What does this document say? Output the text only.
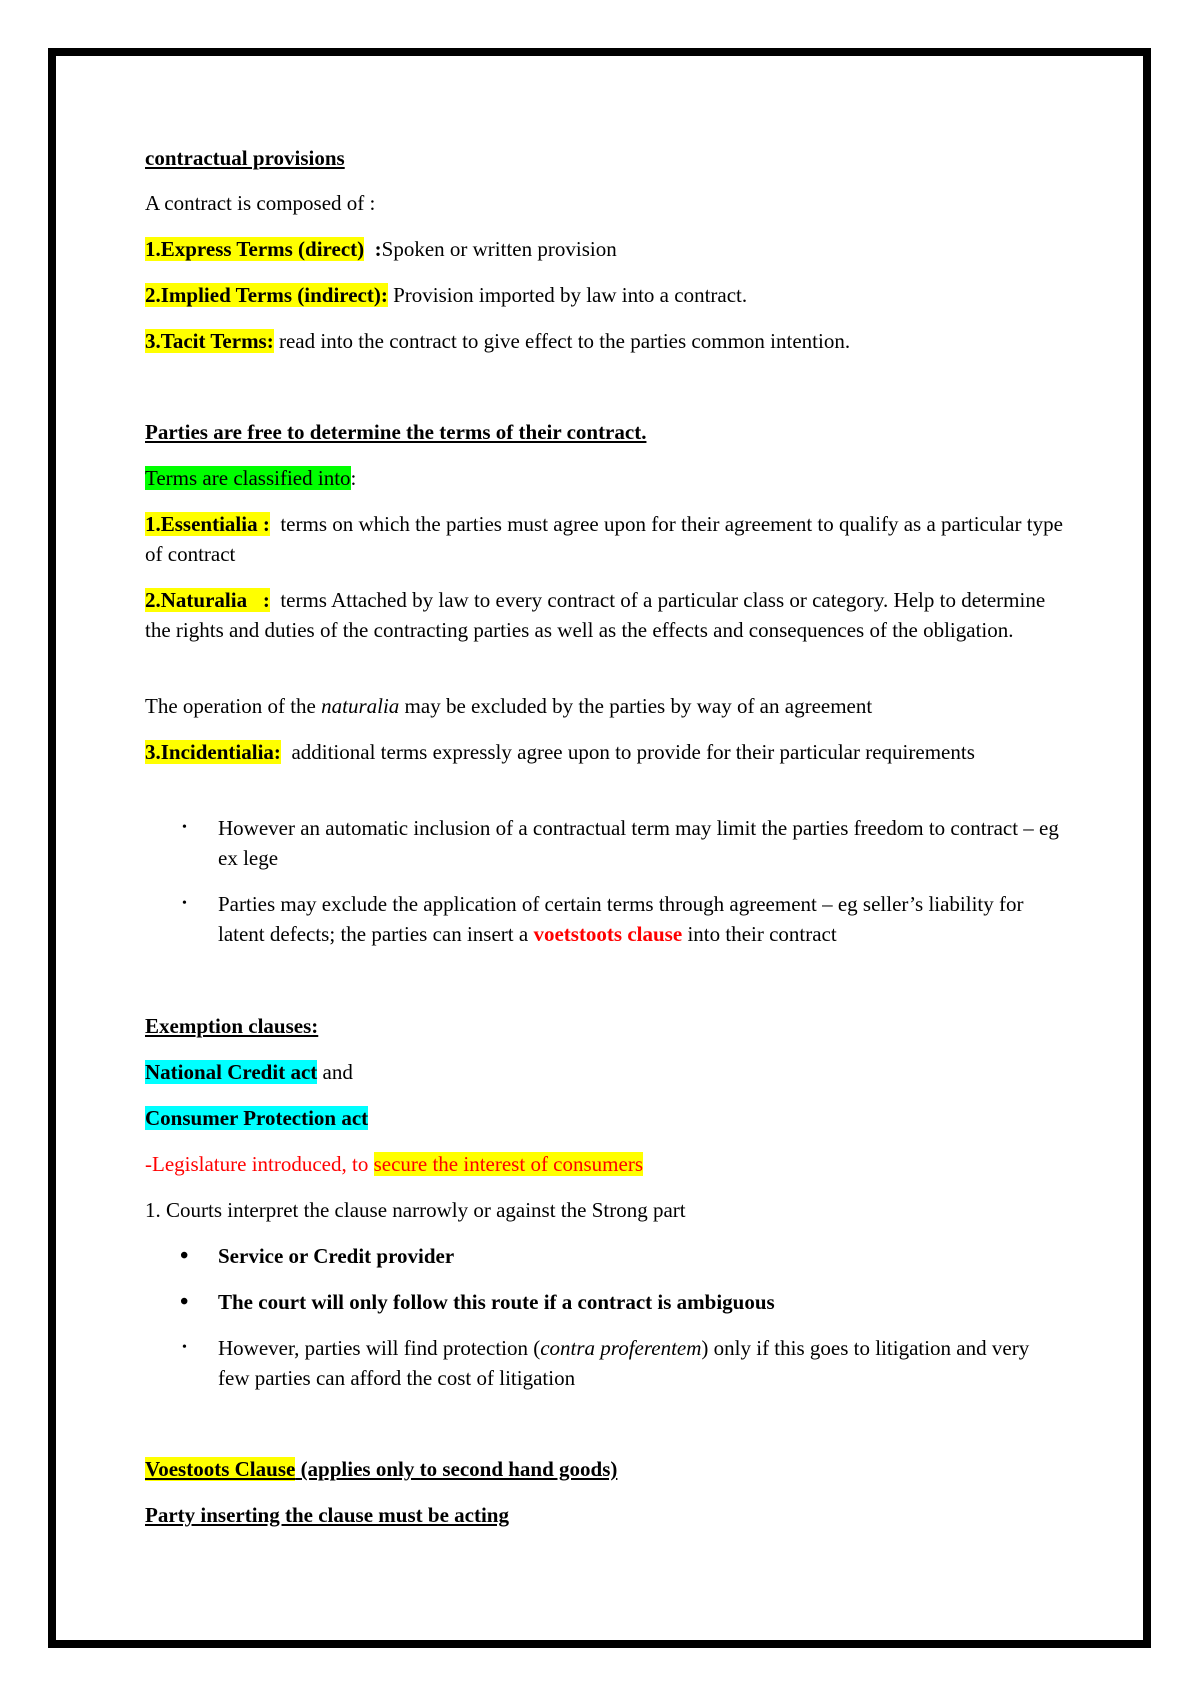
contractual provisions

A contract is composed of :

1.Express Terms (direct)  :Spoken or written provision

2.Implied Terms (indirect): Provision imported by law into a contract.

3.Tacit Terms: read into the contract to give effect to the parties common intention.

Parties are free to determine the terms of their contract.

Terms are classified into:

1.Essentialia :  terms on which the parties must agree upon for their agreement to qualify as a particular type of contract

2.Naturalia   :  terms Attached by law to every contract of a particular class or category. Help to determine the rights and duties of the contracting parties as well as the effects and consequences of the obligation.

The operation of the naturalia may be excluded by the parties by way of an agreement

3.Incidentialia:  additional terms expressly agree upon to provide for their particular requirements

• However an automatic inclusion of a contractual term may limit the parties freedom to contract – eg ex lege

• Parties may exclude the application of certain terms through agreement – eg seller’s liability for latent defects; the parties can insert a voetstoots clause into their contract

Exemption clauses:

National Credit act and

Consumer Protection act

-Legislature introduced, to secure the interest of consumers

1. Courts interpret the clause narrowly or against the Strong part

• Service or Credit provider

• The court will only follow this route if a contract is ambiguous

• However, parties will find protection (contra proferentem) only if this goes to litigation and very few parties can afford the cost of litigation

Voestoots Clause (applies only to second hand goods)

Party inserting the clause must be acting
